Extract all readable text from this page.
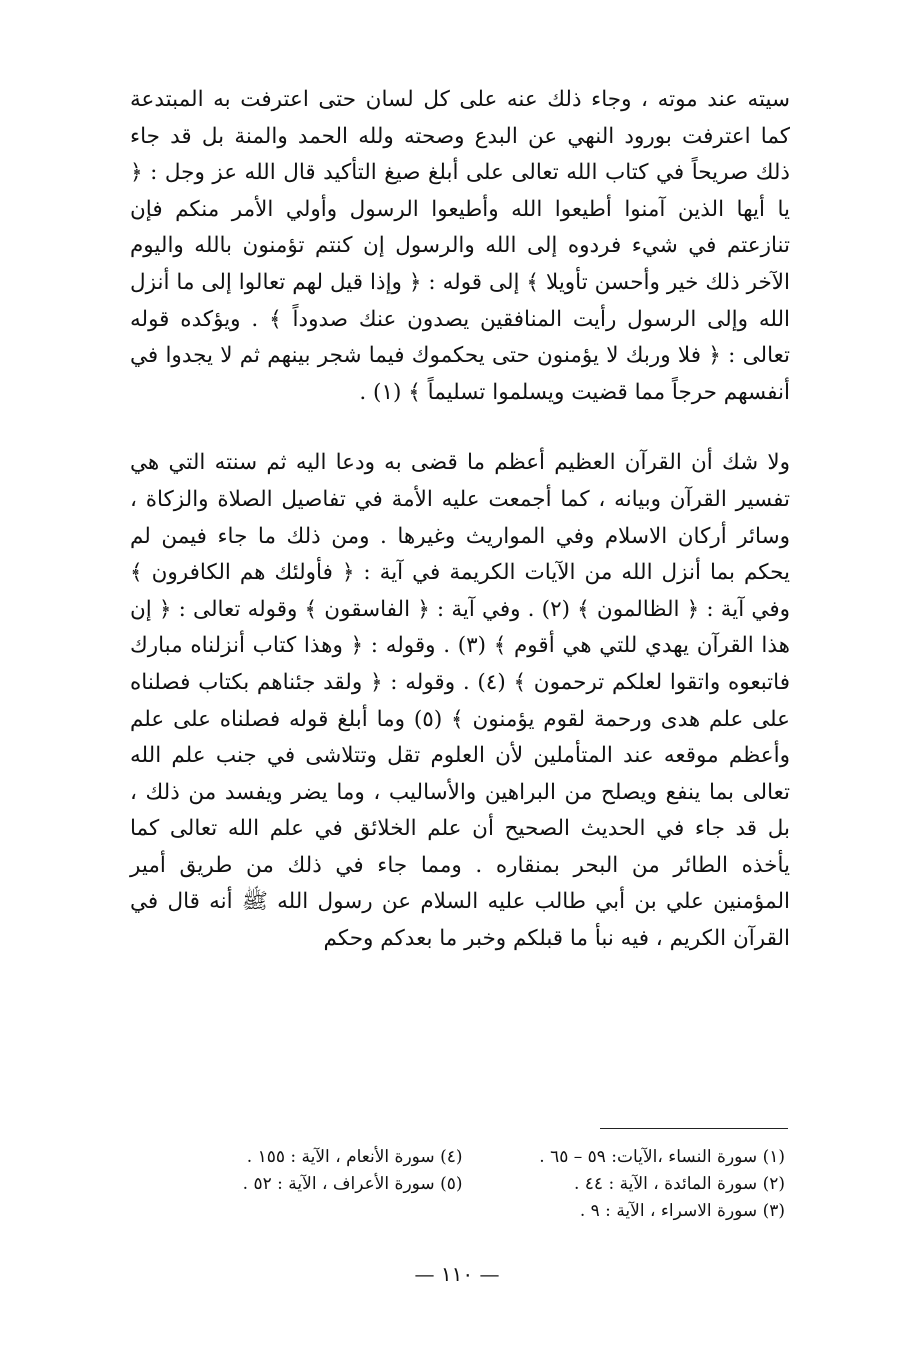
سيته عند موته ، وجاء ذلك عنه على كل لسان حتى اعترفت به المبتدعة كما اعترفت بورود النهي عن البدع وصحته ولله الحمد والمنة بل قد جاء ذلك صريحاً في كتاب الله تعالى على أبلغ صيغ التأكيد قال الله عز وجل : ﴿ يا أيها الذين آمنوا أطيعوا الله وأطيعوا الرسول وأولي الأمر منكم فإن تنازعتم في شيء فردوه إلى الله والرسول إن كنتم تؤمنون بالله واليوم الآخر ذلك خير وأحسن تأويلا ﴾ إلى قوله : ﴿ وإذا قيل لهم تعالوا إلى ما أنزل الله وإلى الرسول رأيت المنافقين يصدون عنك صدوداً ﴾ . ويؤكده قوله تعالى : ﴿ فلا وربك لا يؤمنون حتى يحكموك فيما شجر بينهم ثم لا يجدوا في أنفسهم حرجاً مما قضيت ويسلموا تسليماً ﴾ (١) .

ولا شك أن القرآن العظيم أعظم ما قضى به ودعا اليه ثم سنته التي هي تفسير القرآن وبيانه ، كما أجمعت عليه الأمة في تفاصيل الصلاة والزكاة ، وسائر أركان الاسلام وفي المواريث وغيرها . ومن ذلك ما جاء فيمن لم يحكم بما أنزل الله من الآيات الكريمة في آية : ﴿ فأولئك هم الكافرون ﴾ وفي آية : ﴿ الظالمون ﴾ (٢) . وفي آية : ﴿ الفاسقون ﴾ وقوله تعالى : ﴿ إن هذا القرآن يهدي للتي هي أقوم ﴾ (٣) . وقوله : ﴿ وهذا كتاب أنزلناه مبارك فاتبعوه واتقوا لعلكم ترحمون ﴾ (٤) . وقوله : ﴿ ولقد جئناهم بكتاب فصلناه على علم هدى ورحمة لقوم يؤمنون ﴾ (٥) وما أبلغ قوله فصلناه على علم وأعظم موقعه عند المتأملين لأن العلوم تقل وتتلاشى في جنب علم الله تعالى بما ينفع ويصلح من البراهين والأساليب ، وما يضر ويفسد من ذلك ، بل قد جاء في الحديث الصحيح أن علم الخلائق في علم الله تعالى كما يأخذه الطائر من البحر بمنقاره . ومما جاء في ذلك من طريق أمير المؤمنين علي بن أبي طالب عليه السلام عن رسول الله ﷺ أنه قال في القرآن الكريم ، فيه نبأ ما قبلكم وخبر ما بعدكم وحكم

(١) سورة النساء ،الآيات: ٥٩ – ٦٥ .
(٤) سورة الأنعام ، الآية : ١٥٥ .
(٢) سورة المائدة ، الآية : ٤٤ .
(٥) سورة الأعراف ، الآية : ٥٢ .
(٣) سورة الاسراء ، الآية : ٩ .
— ١١٠ —
